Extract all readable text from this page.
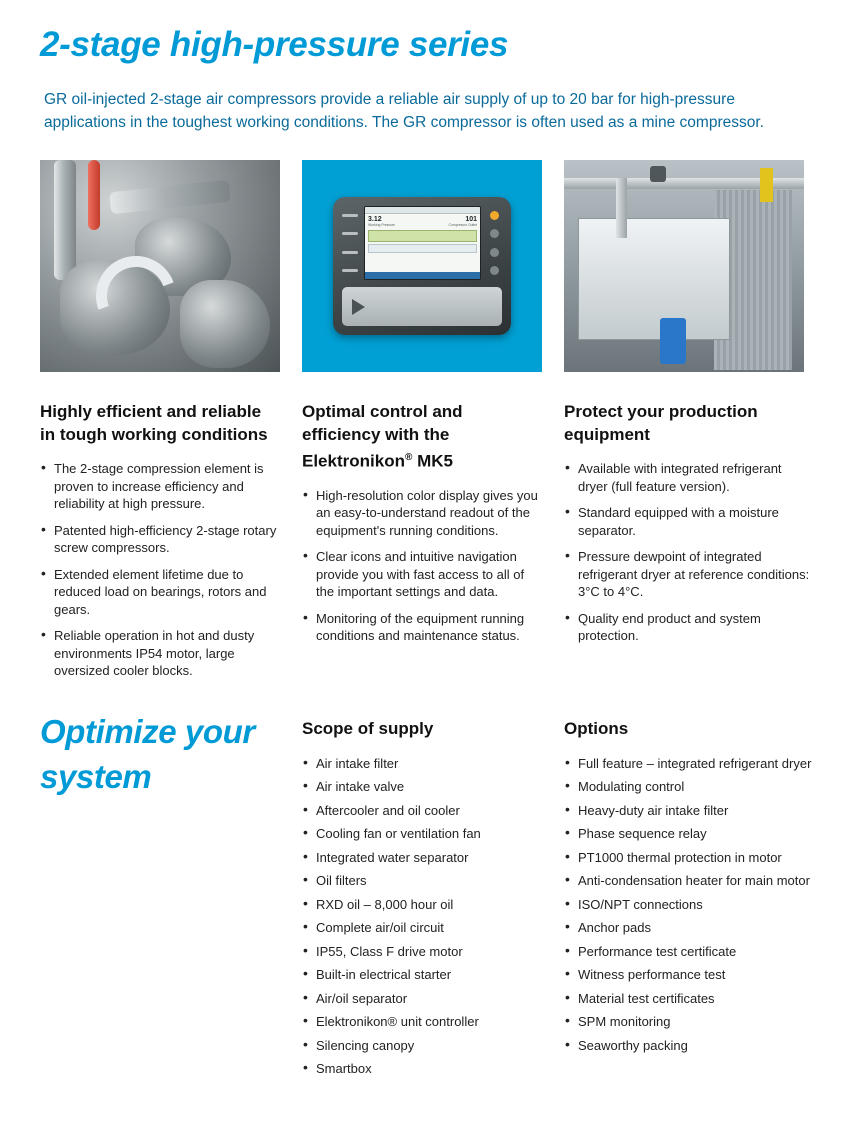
2-stage high-pressure series

GR oil-injected 2-stage air compressors provide a reliable air supply of up to 20 bar for high-pressure applications in the toughest working conditions. The GR compressor is often used as a mine compressor.

3.12	101
Working Pressure	Compressor Outlet
Highly efficient and reliable in tough working conditions
• The 2-stage compression element is proven to increase efficiency and reliability at high pressure.
• Patented high-efficiency 2-stage rotary screw compressors.
• Extended element lifetime due to reduced load on bearings, rotors and gears.
• Reliable operation in hot and dusty environments IP54 motor, large oversized cooler blocks.
Optimal control and
efficiency with the
Elektronikon® MK5
• High-resolution color display gives you an easy-to-understand readout of the equipment's running conditions.
• Clear icons and intuitive navigation provide you with fast access to all of the important settings and data.
• Monitoring of the equipment running conditions and maintenance status.
Protect your production equipment
• Available with integrated refrigerant dryer (full feature version).
• Standard equipped with a moisture separator.
• Pressure dewpoint of integrated refrigerant dryer at reference conditions: 3°C to 4°C.
• Quality end product and system protection.
Optimize your system
Scope of supply
• Air intake filter
• Air intake valve
• Aftercooler and oil cooler
• Cooling fan or ventilation fan
• Integrated water separator
• Oil filters
• RXD oil – 8,000 hour oil
• Complete air/oil circuit
• IP55, Class F drive motor
• Built-in electrical starter
• Air/oil separator
• Elektronikon® unit controller
• Silencing canopy
• Smartbox
Options
• Full feature – integrated refrigerant dryer
• Modulating control
• Heavy-duty air intake filter
• Phase sequence relay
• PT1000 thermal protection in motor
• Anti-condensation heater for main motor
• ISO/NPT connections
• Anchor pads
• Performance test certificate
• Witness performance test
• Material test certificates
• SPM monitoring
• Seaworthy packing
